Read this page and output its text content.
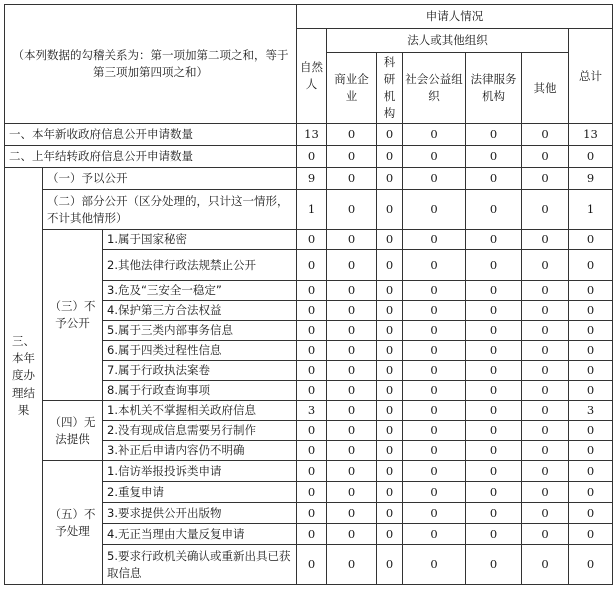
（本列数据的勾稽关系为：第一项加第二项之和，等于第三项加第四项之和）			申请人情况						
			自然人	法人或其他组织					总计
				商业企业	科研机构	社会公益组织	法律服务机构	其他	
一、本年新收政府信息公开申请数量			13	0	0	0	0	0	13
二、上年结转政府信息公开申请数量			0	0	0	0	0	0	0
三、本年度办理结果	（一）予以公开		9	0	0	0	0	0	9
	（二）部分公开（区分处理的，只计这一情形，不计其他情形）		1	0	0	0	0	0	1
	（三）不予公开	1.属于国家秘密	0	0	0	0	0	0	0
		2.其他法律行政法规禁止公开	0	0	0	0	0	0	0
		3.危及“三安全一稳定”	0	0	0	0	0	0	0
		4.保护第三方合法权益	0	0	0	0	0	0	0
		5.属于三类内部事务信息	0	0	0	0	0	0	0
		6.属于四类过程性信息	0	0	0	0	0	0	0
		7.属于行政执法案卷	0	0	0	0	0	0	0
		8.属于行政查询事项	0	0	0	0	0	0	0
	（四）无法提供	1.本机关不掌握相关政府信息	3	0	0	0	0	0	3
		2.没有现成信息需要另行制作	0	0	0	0	0	0	0
		3.补正后申请内容仍不明确	0	0	0	0	0	0	0
	（五）不予处理	1.信访举报投诉类申请	0	0	0	0	0	0	0
		2.重复申请	0	0	0	0	0	0	0
		3.要求提供公开出版物	0	0	0	0	0	0	0
		4.无正当理由大量反复申请	0	0	0	0	0	0	0
		5.要求行政机关确认或重新出具已获取信息	0	0	0	0	0	0	0
